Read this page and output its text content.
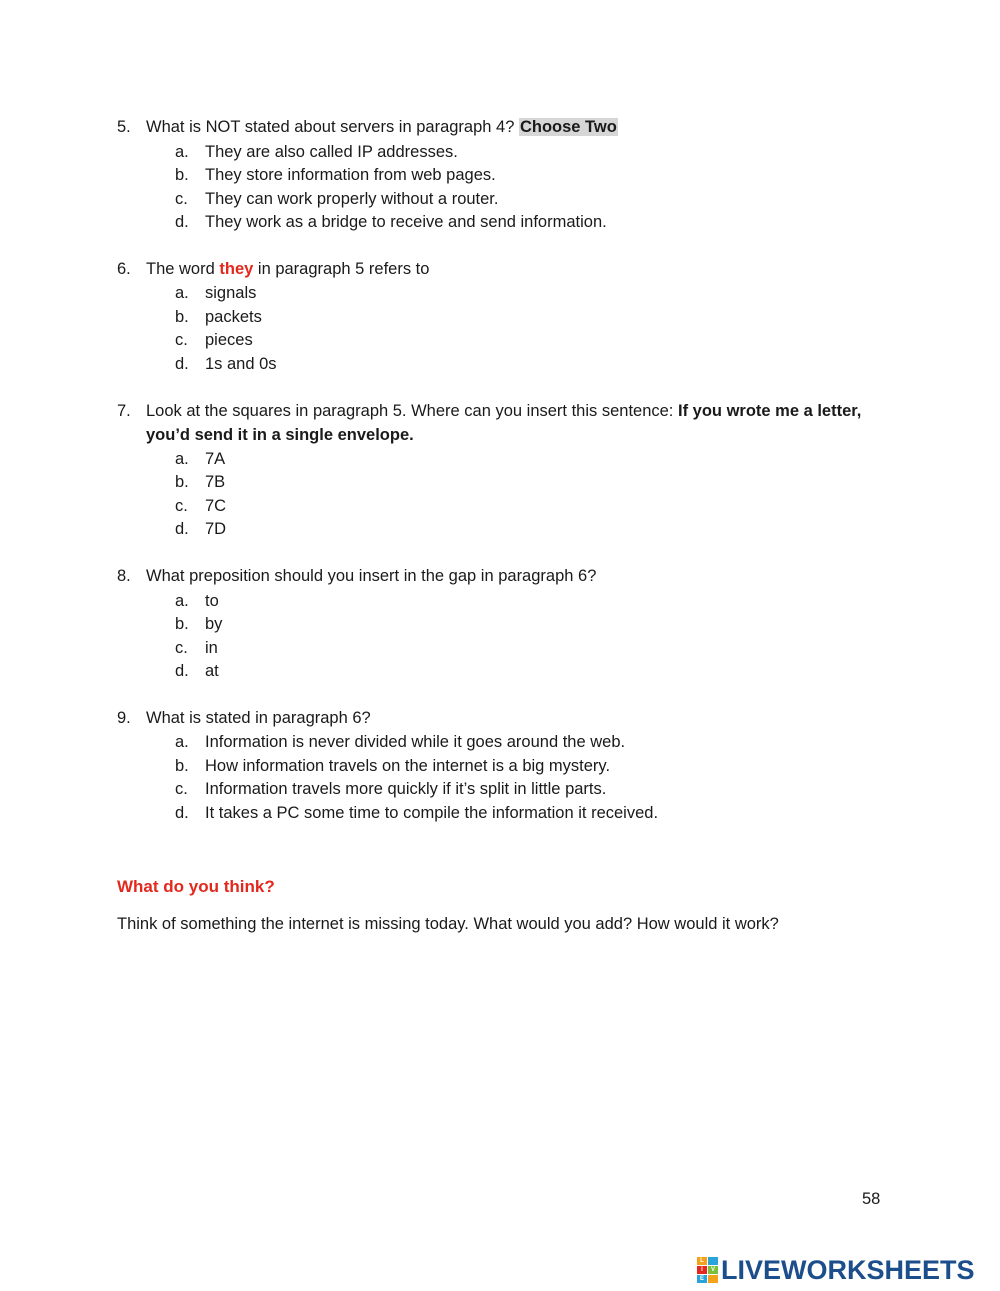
5. What is NOT stated about servers in paragraph 4? Choose Two
a. They are also called IP addresses.
b. They store information from web pages.
c.	They can work properly without a router.
d. They work as a bridge to receive and send information.
6. The word they in paragraph 5 refers to
a. signals
b. packets
c.	pieces
d. 1s and 0s
7. Look at the squares in paragraph 5. Where can you insert this sentence: If you wrote me a letter,
you’d send it in a single envelope.
a. 7A
b. 7B
c.	7C
d. 7D
8. What preposition should you insert in the gap in paragraph 6?
a. to
b. by
c.	in
d. at
9. What is stated in paragraph 6?
a. Information is never divided while it goes around the web.
b. How information travels on the internet is a big mystery.
c.	Information travels more quickly if it’s split in little parts.
d. It takes a PC some time to compile the information it received.
What do you think?
Think of something the internet is missing today. What would you add? How would it work?
58
L
I	V
E LIVEWORKSHEETS
